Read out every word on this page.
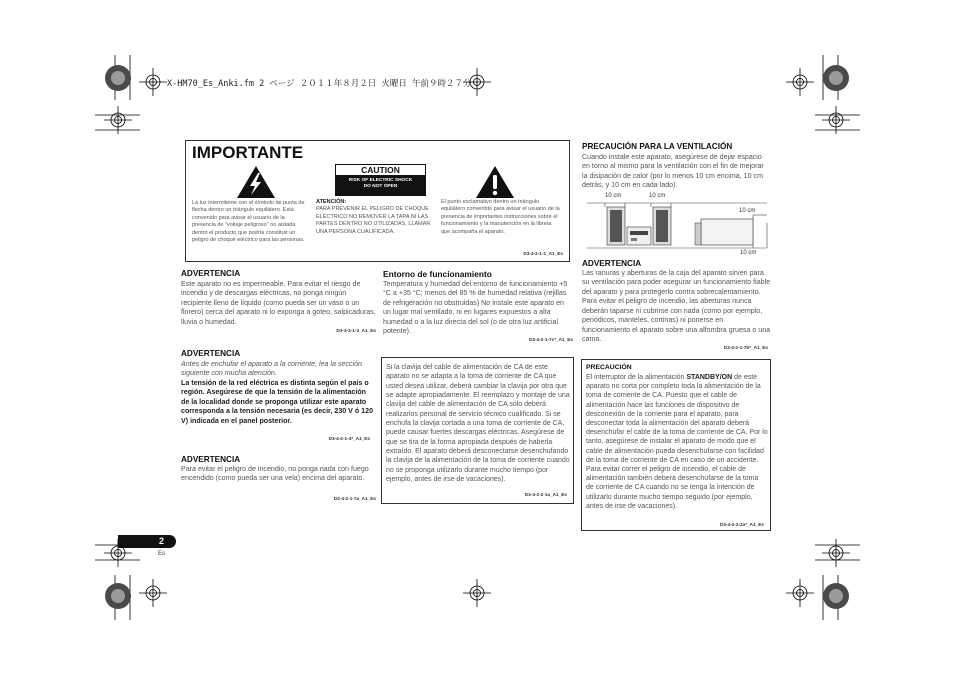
X-HM70_Es_Anki.fm 2 ページ ２０１１年８月２日 火曜日 午前９時２７分
IMPORTANTE
CAUTION
RISK OF ELECTRIC SHOCK
DO NOT OPEN
La luz intermitente con el símbolo de punta de flecha dentro un triángulo equilátero. Está convenido para avisar el usuario de la presencia de "voltaje peligroso" no aislada dentro el producto que podría constituir un peligro de choque eléctrico para las personas.
ATENCIÓN:
PARA PREVENIR EL PELIGRO DE CHOQUE ELÉCTRICO NO REMOVER LA TAPA NI LAS PARTES DENTRO NO UTILIZADAS, LLAMAR UNA PERSONA CUALIFICADA.
El punto exclamativo dentro un triángulo equilátero convertido para avisar el usuário de la presencia de importantes instrucciones sobre el funcionamiento y la manutención en la libreta que acompaña el aparato.
D3-4-2-1-1_A1_Es
ADVERTENCIA
Este aparato no es impermeable. Para evitar el riesgo de incendio y de descargas eléctricas, no ponga ningún recipiente lleno de líquido (como pueda ser un vaso o un florero) cerca del aparato ni lo exponga a goteo, salpicaduras, lluvia o humedad.
D3-4-2-1-3_A1_Es
ADVERTENCIA
Antes de enchufar el aparato a la corriente, lea la sección siguiente con mucha atención.
La tensión de la red eléctrica es distinta según el país o región. Asegúrese de que la tensión de la alimentación de la localidad donde se proponga utilizar este aparato corresponda a la tensión necesaria (es decir, 230 V ó 120 V) indicada en el panel posterior.
D3-4-2-1-4*_A1_Es
ADVERTENCIA
Para evitar el peligro de incendio, no ponga nada con fuego encendido (como pueda ser una vela) encima del aparato.
D3-4-2-1-7a_A1_Es
Entorno de funcionamiento
Temperatura y humedad del entorno de funcionamiento +5 °C a +35 °C; menos del 85 % de humedad relativa (rejillas de refrigeración no obstruidas) No instale este aparato en un lugar mal ventilado, ni en lugares expuestos a alta humedad o a la luz directa del sol (o de otra luz artificial potente).
D3-4-2-1-7c*_A1_Es
Si la clavija del cable de alimentación de CA de este aparato no se adapta a la toma de corriente de CA que usted desea utilizar, deberá cambiar la clavija por otra que se adapte apropiadamente. El reemplazo y montaje de una clavija del cable de alimentación de CA sólo deberá realizarlos personal de servicio técnico cualificado. Si se enchufa la clavija cortada a una toma de corriente de CA, puede causar fuertes descargas eléctricas. Asegúrese de que se tira de la forma apropiada después de haberla extraído. El aparato deberá desconectarse desenchufando la clavija de la alimentación de la toma de corriente cuando no se proponga utilizarlo durante mucho tiempo (por ejemplo, antes de irse de vacaciones).
D3-4-2-2-1a_A1_Es
PRECAUCIÓN PARA LA VENTILACIÓN
Cuando instale este aparato, asegúrese de dejar espacio en torno al mismo para la ventilación con el fin de mejorar la disipación de calor (por lo menos 10 cm encima, 10 cm detrás, y 10 cm en cada lado).
10 cm	10 cm
10 cm
10 cm
ADVERTENCIA
Las ranuras y aberturas de la caja del aparato sirven para su ventilación para poder asegurar un funcionamiento fiable del aparato y para protegerlo contra sobrecalentamiento. Para evitar el peligro de incendio, las aberturas nunca deberán taparse ni cubrirse con nada (como por ejemplo, periódicos, manteles, cortinas) ni ponerse en funcionamiento el aparato sobre una alfombra gruesa o una cama.
D3-4-2-1-7b*_A1_Es
PRECAUCIÓN
El interruptor de la alimentación STANDBY/ON de este aparato no corta por completo toda la alimentación de la toma de corriente de CA. Puesto que el cable de alimentación hace las funciones de dispositivo de desconexión de la corriente para el aparato, para desconectar toda la alimentación del aparato deberá desenchufar el cable de la toma de corriente de CA. Por lo tanto, asegúrese de instalar el aparato de modo que el cable de alimentación pueda desenchufarse con facilidad de la toma de corriente de CA en caso de un accidente. Para evitar correr el peligro de incendio, el cable de alimentación también deberá desenchufarse de la toma de corriente de CA cuando no se tenga la intención de utilizarlo durante mucho tiempo seguido (por ejemplo, antes de irse de vacaciones).
D3-4-2-2-2a*_A1_Es
2
Es
